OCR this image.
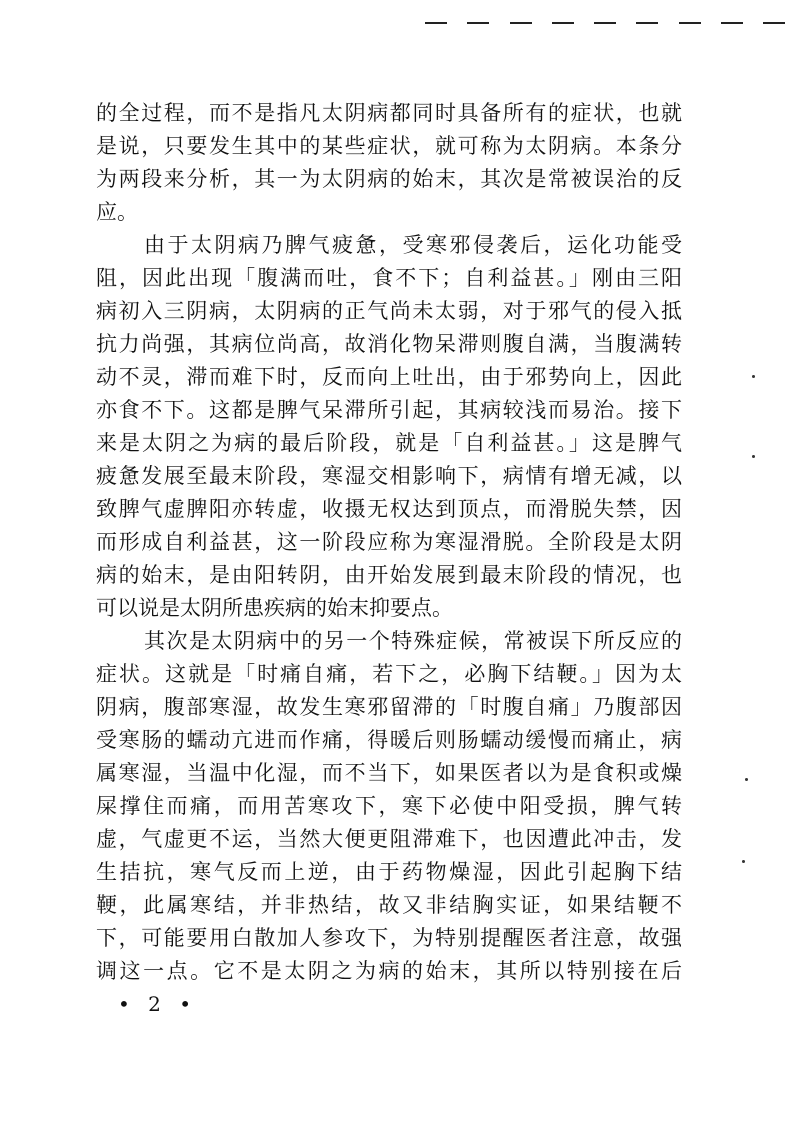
的全过程，而不是指凡太阴病都同时具备所有的症状，也就
是说，只要发生其中的某些症状，就可称为太阴病。本条分
为两段来分析，其一为太阴病的始末，其次是常被误治的反
应。
由于太阴病乃脾气疲惫，受寒邪侵袭后，运化功能受
阻，因此出现「腹满而吐，食不下；自利益甚。」刚由三阳
病初入三阴病，太阴病的正气尚未太弱，对于邪气的侵入抵
抗力尚强，其病位尚高，故消化物呆滞则腹自满，当腹满转
动不灵，滞而难下时，反而向上吐出，由于邪势向上，因此
亦食不下。这都是脾气呆滞所引起，其病较浅而易治。接下
来是太阴之为病的最后阶段，就是「自利益甚。」这是脾气
疲惫发展至最末阶段，寒湿交相影响下，病情有增无减，以
致脾气虚脾阳亦转虚，收摄无权达到顶点，而滑脱失禁，因
而形成自利益甚，这一阶段应称为寒湿滑脱。全阶段是太阴
病的始末，是由阳转阴，由开始发展到最末阶段的情况，也
可以说是太阴所患疾病的始末抑要点。
其次是太阴病中的另一个特殊症候，常被误下所反应的
症状。这就是「时痛自痛，若下之，必胸下结鞕。」因为太
阴病，腹部寒湿，故发生寒邪留滞的「时腹自痛」乃腹部因
受寒肠的蠕动亢进而作痛，得暖后则肠蠕动缓慢而痛止，病
属寒湿，当温中化湿，而不当下，如果医者以为是食积或燥
屎撑住而痛，而用苦寒攻下，寒下必使中阳受损，脾气转
虚，气虚更不运，当然大便更阻滞难下，也因遭此冲击，发
生拮抗，寒气反而上逆，由于药物燥湿，因此引起胸下结
鞕，此属寒结，并非热结，故又非结胸实证，如果结鞕不
下，可能要用白散加人参攻下，为特别提醒医者注意，故强
调这一点。它不是太阴之为病的始末，其所以特别接在后
• 2 •
